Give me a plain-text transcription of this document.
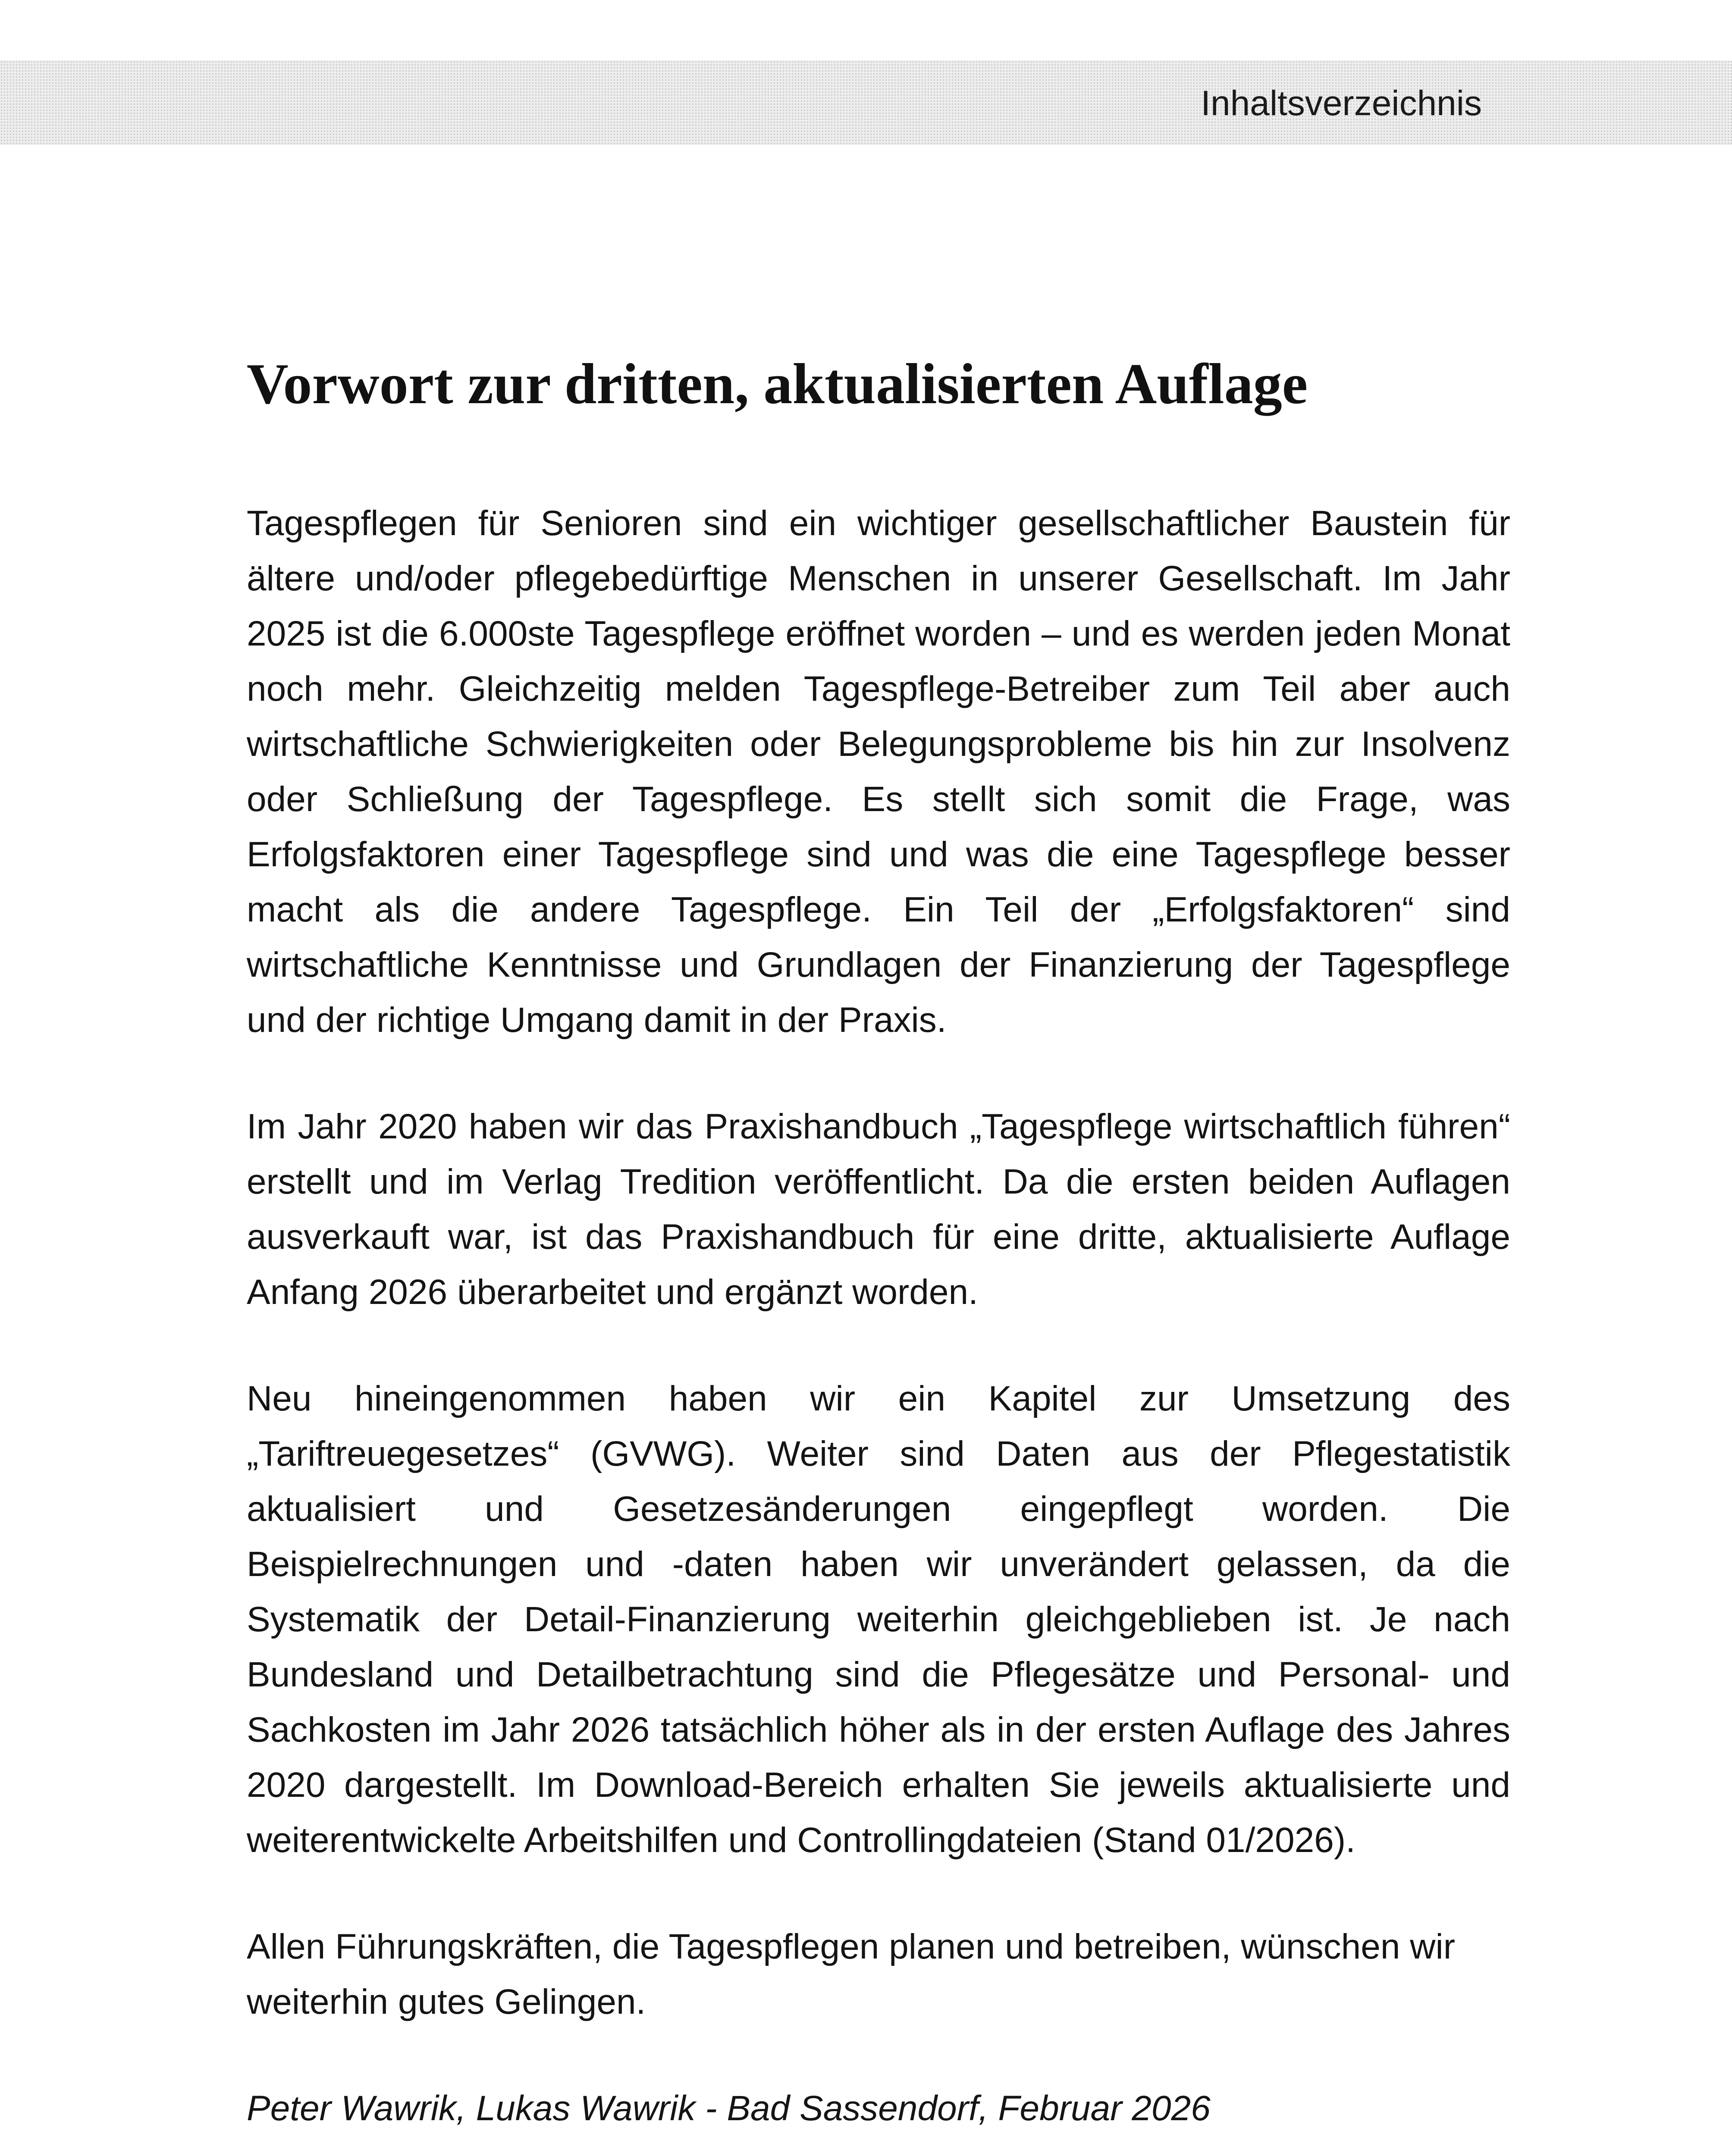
Inhaltsverzeichnis
Vorwort zur dritten, aktualisierten Auflage

Tagespflegen für Senioren sind ein wichtiger gesellschaftlicher Baustein für ältere und/oder pflegebedürftige Menschen in unserer Gesellschaft. Im Jahr 2025 ist die 6.000ste Tagespflege eröffnet worden – und es werden jeden Monat noch mehr. Gleichzeitig melden Tagespflege-Betreiber zum Teil aber auch wirtschaftliche Schwierigkeiten oder Belegungsprobleme bis hin zur Insolvenz oder Schließung der Tagespflege. Es stellt sich somit die Frage, was Erfolgsfaktoren einer Tagespflege sind und was die eine Tagespflege besser macht als die andere Tagespflege. Ein Teil der „Erfolgsfaktoren“ sind wirtschaftliche Kenntnisse und Grundlagen der Finanzierung der Tagespflege und der richtige Umgang damit in der Praxis.

Im Jahr 2020 haben wir das Praxishandbuch „Tagespflege wirtschaftlich führen“ erstellt und im Verlag Tredition veröffentlicht. Da die ersten beiden Auflagen ausverkauft war, ist das Praxishandbuch für eine dritte, aktualisierte Auflage Anfang 2026 überarbeitet und ergänzt worden.

Neu hineingenommen haben wir ein Kapitel zur Umsetzung des „Tariftreuegesetzes“ (GVWG). Weiter sind Daten aus der Pflegestatistik aktualisiert und Gesetzesänderungen eingepflegt worden. Die Beispielrechnungen und -daten haben wir unverändert gelassen, da die Systematik der Detail-Finanzierung weiterhin gleichgeblieben ist. Je nach Bundesland und Detailbetrachtung sind die Pflegesätze und Personal- und Sachkosten im Jahr 2026 tatsächlich höher als in der ersten Auflage des Jahres 2020 dargestellt. Im Download-Bereich erhalten Sie jeweils aktualisierte und weiterentwickelte Arbeitshilfen und Controllingdateien (Stand 01/2026).

Allen Führungskräften, die Tagespflegen planen und betreiben, wünschen wir weiterhin gutes Gelingen.

Peter Wawrik, Lukas Wawrik - Bad Sassendorf, Februar 2026
